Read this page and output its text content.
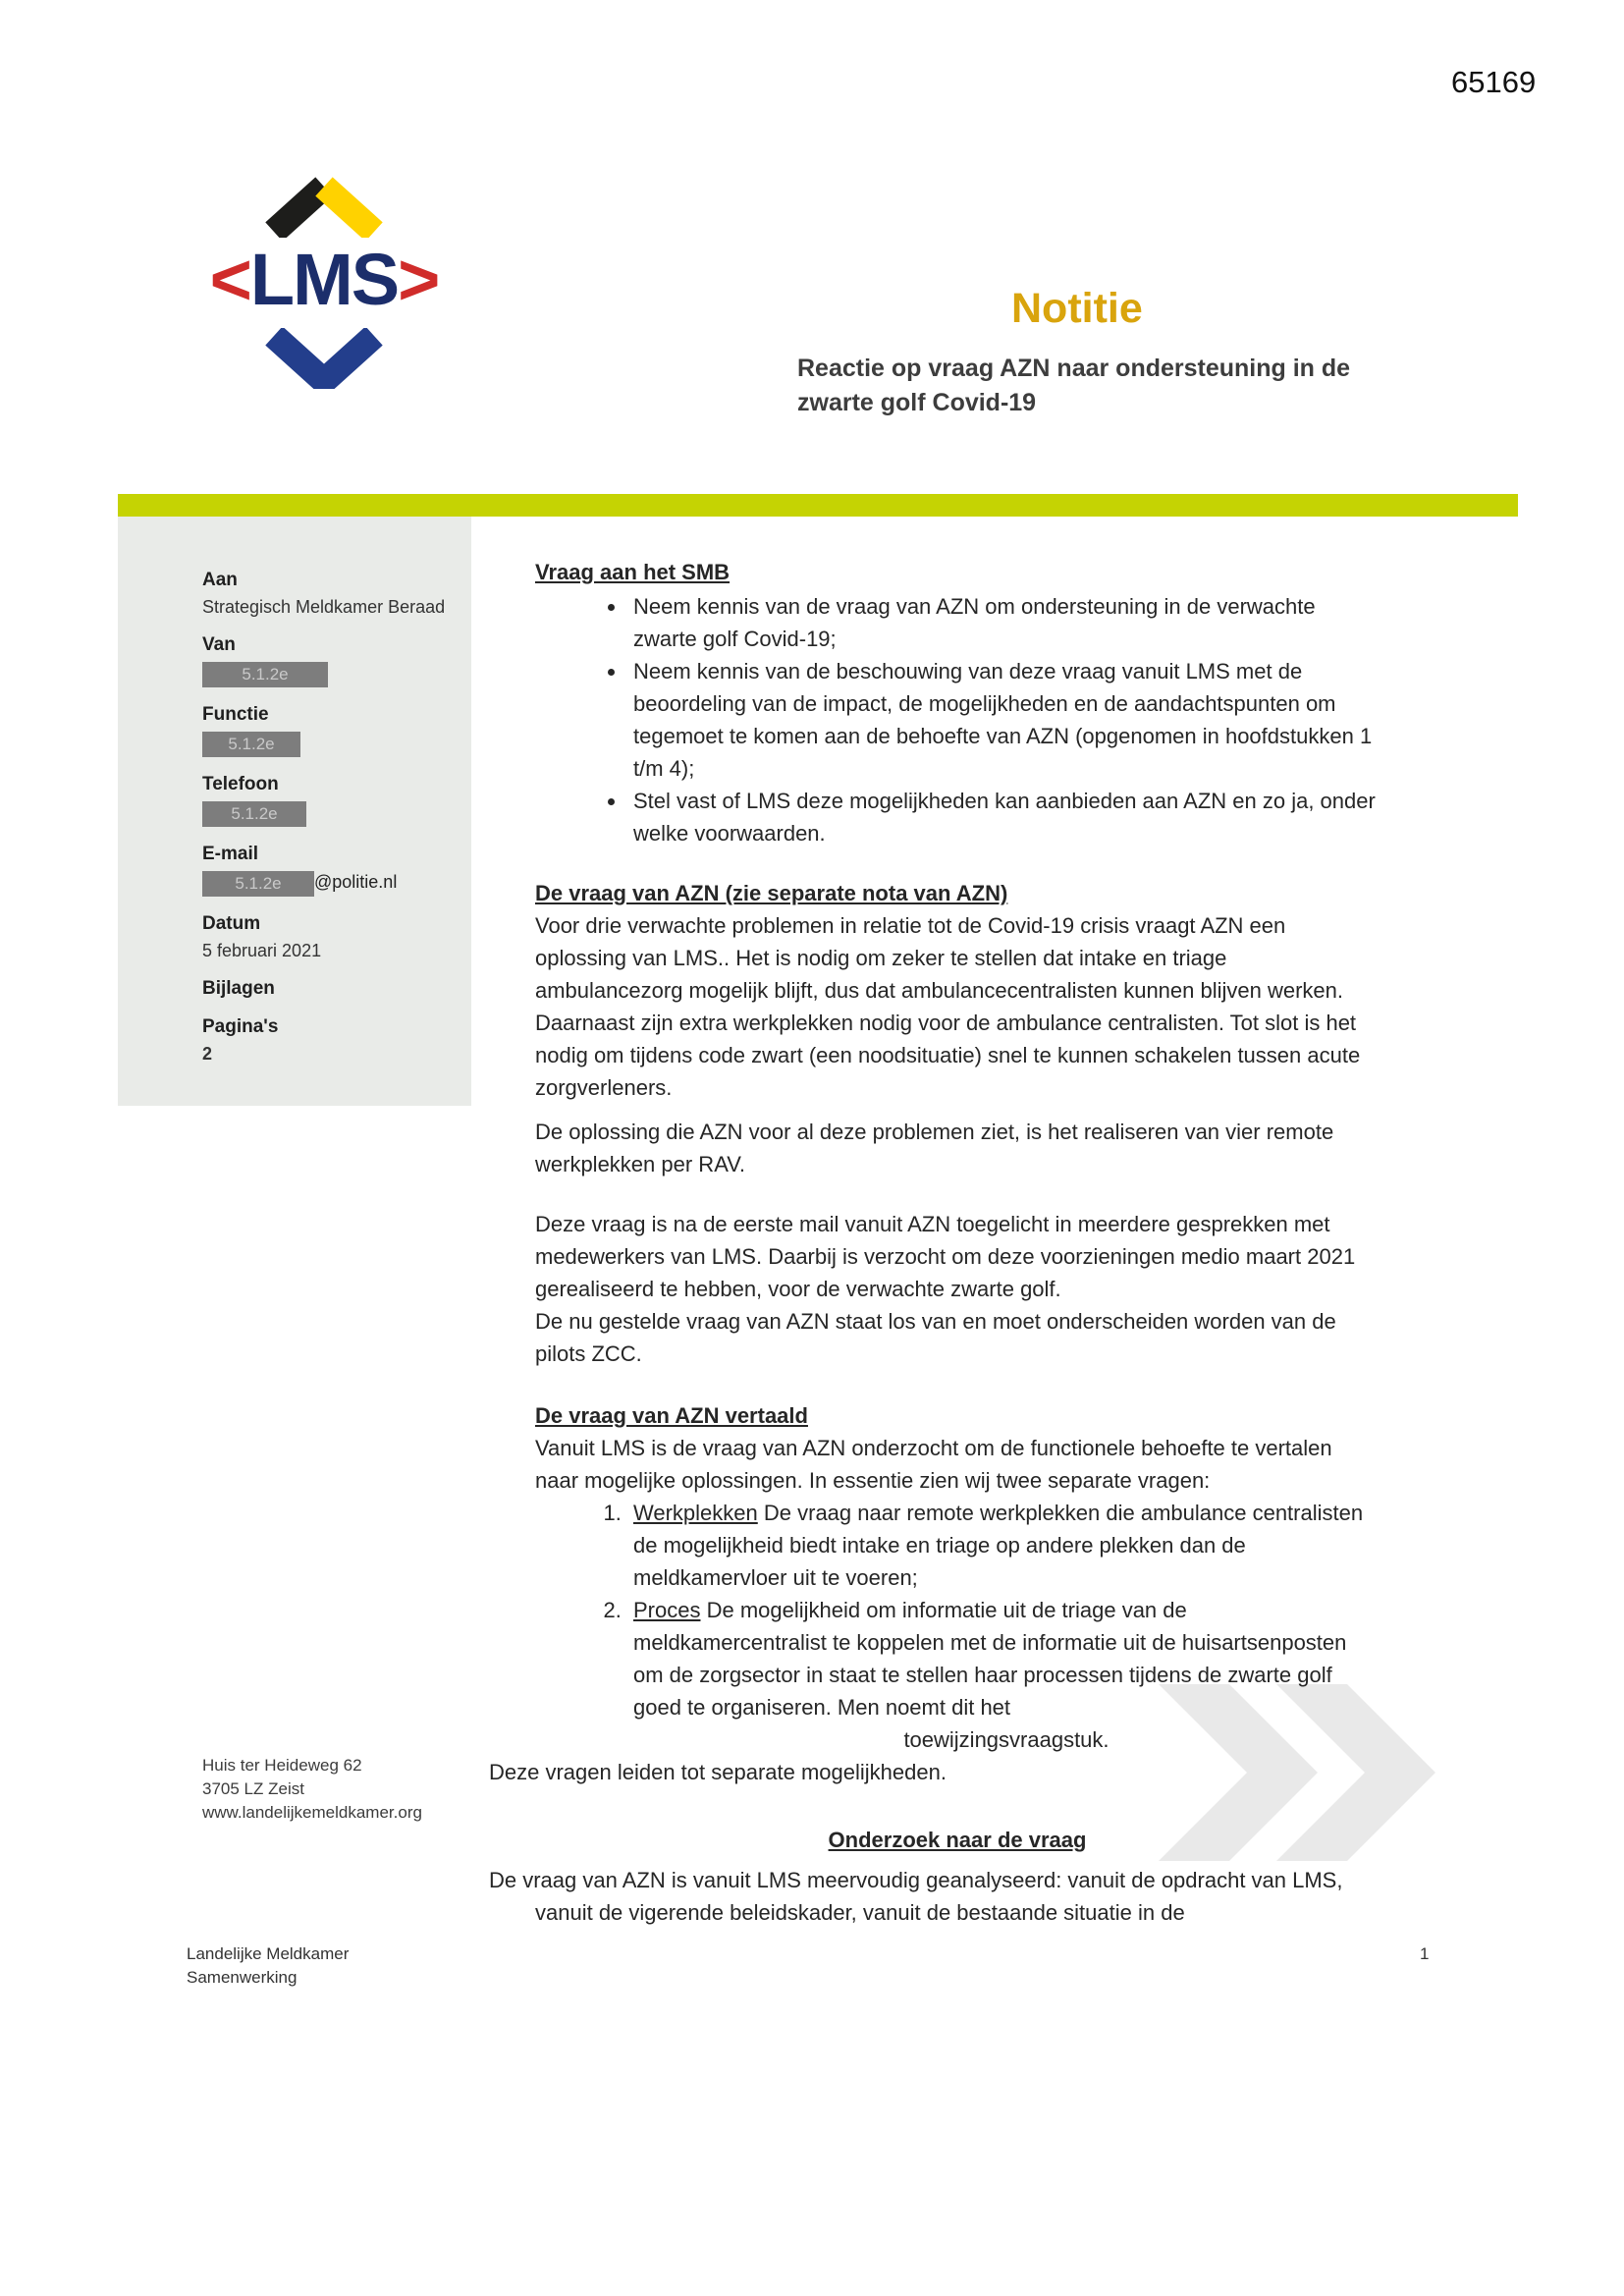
65169
<LMS>	Notitie
Reactie op vraag AZN naar ondersteuning in de zwarte golf Covid-19
Aan
Strategisch Meldkamer Beraad
Van
5.1.2e
Functie
5.1.2e
Telefoon
5.1.2e
E-mail
5.1.2e @politie.nl
Datum
5 februari 2021
Bijlagen
Pagina's
2
Huis ter Heideweg 62
3705 LZ Zeist
www.landelijkemeldkamer.org
Vraag aan het SMB
• Neem kennis van de vraag van AZN om ondersteuning in de verwachte zwarte golf Covid-19;
• Neem kennis van de beschouwing van deze vraag vanuit LMS met de beoordeling van de impact, de mogelijkheden en de aandachtspunten om tegemoet te komen aan de behoefte van AZN (opgenomen in hoofdstukken 1 t/m 4);
• Stel vast of LMS deze mogelijkheden kan aanbieden aan AZN en zo ja, onder welke voorwaarden.
De vraag van AZN (zie separate nota van AZN)

Voor drie verwachte problemen in relatie tot de Covid-19 crisis vraagt AZN een oplossing van LMS.. Het is nodig om zeker te stellen dat intake en triage ambulancezorg mogelijk blijft, dus dat ambulancecentralisten kunnen blijven werken. Daarnaast zijn extra werkplekken nodig voor de ambulance centralisten. Tot slot is het nodig om tijdens code zwart (een noodsituatie) snel te kunnen schakelen tussen acute zorgverleners.

De oplossing die AZN voor al deze problemen ziet, is het realiseren van vier remote werkplekken per RAV.

Deze vraag is na de eerste mail vanuit AZN toegelicht in meerdere gesprekken met medewerkers van LMS. Daarbij is verzocht om deze voorzieningen medio maart 2021 gerealiseerd te hebben, voor de verwachte zwarte golf.

De nu gestelde vraag van AZN staat los van en moet onderscheiden worden van de pilots ZCC.

De vraag van AZN vertaald

Vanuit LMS is de vraag van AZN onderzocht om de functionele behoefte te vertalen naar mogelijke oplossingen. In essentie zien wij twee separate vragen:

1. Werkplekken De vraag naar remote werkplekken die ambulance centralisten de mogelijkheid biedt intake en triage op andere plekken dan de meldkamervloer uit te voeren;
2. Proces De mogelijkheid om informatie uit de triage van de meldkamercentralist te koppelen met de informatie uit de huisartsenposten om de zorgsector in staat te stellen haar processen tijdens de zwarte golf goed te organiseren. Men noemt dit het
toewijzingsvraagstuk.

Deze vragen leiden tot separate mogelijkheden.

Onderzoek naar de vraag

De vraag van AZN is vanuit LMS meervoudig geanalyseerd: vanuit de opdracht van LMS, vanuit de vigerende beleidskader, vanuit de bestaande situatie in de

Landelijke Meldkamer
Samenwerking
1
